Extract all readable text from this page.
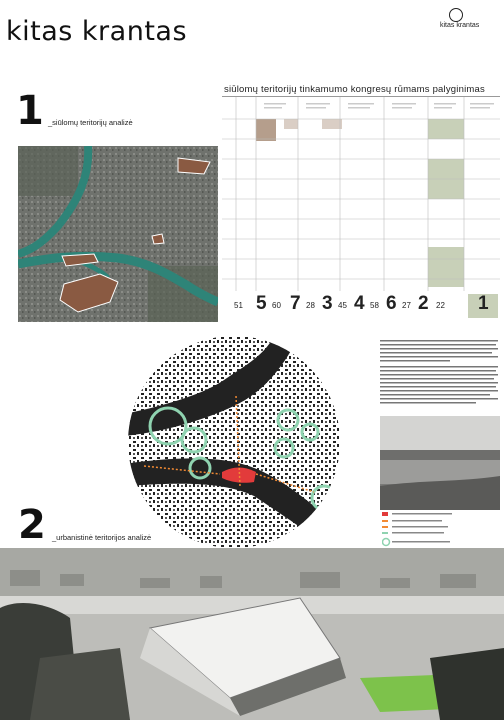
kitas krantas	kitas krantas
1 _siūlomų teritorijų analizė
siūlomų teritorijų tinkamumo kongresų rūmams palyginimas
51 5 60 7 28 3 45 4 58 6 27 2 22 1
2 _urbanistinė teritorijos analizė
